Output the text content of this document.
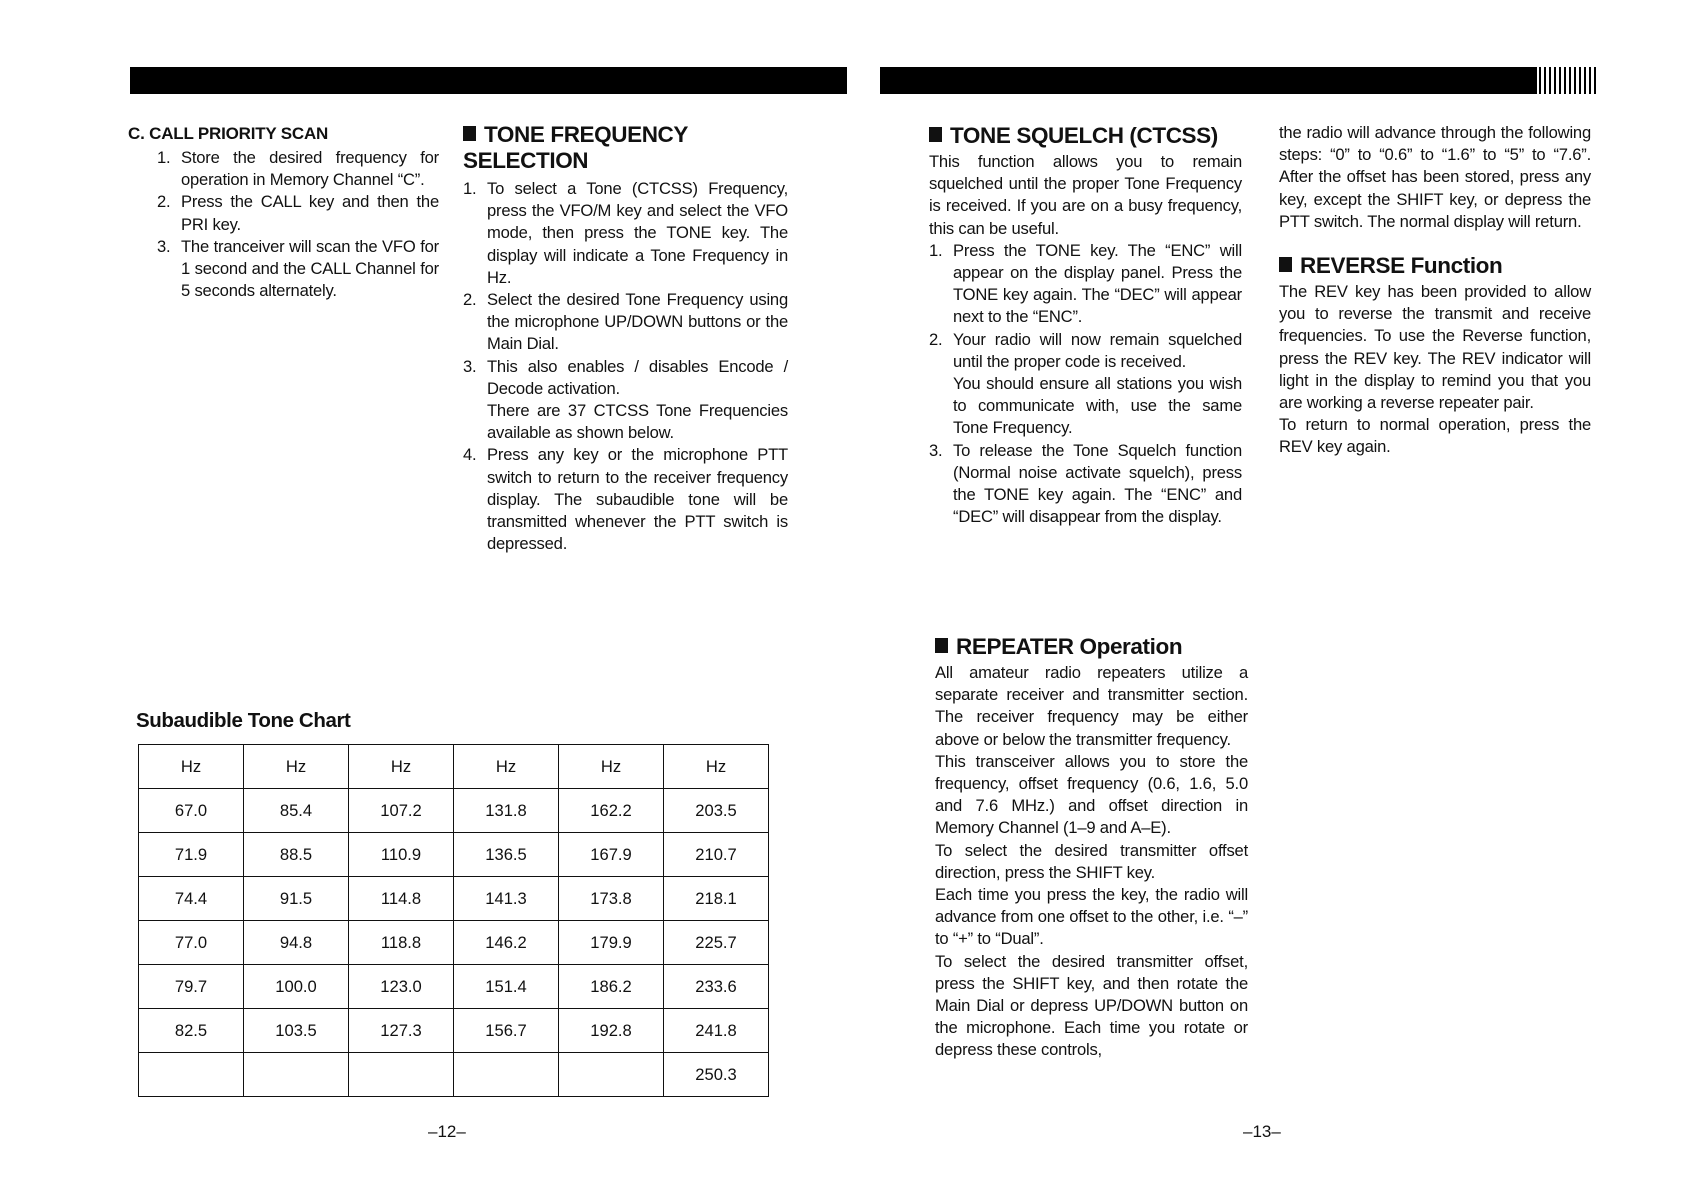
C. CALL PRIORITY SCAN
1. Store the desired frequency for operation in Memory Channel “C”.
2. Press the CALL key and then the PRI key.
3. The tranceiver will scan the VFO for 1 second and the CALL Channel for 5 seconds alternately.
TONE FREQUENCY SELECTION
1. To select a Tone (CTCSS) Frequency, press the VFO/M key and select the VFO mode, then press the TONE key. The display will indicate a Tone Frequency in Hz.
2. Select the desired Tone Frequency using the microphone UP/DOWN buttons or the Main Dial.
3. This also enables / disables Encode / Decode activation.

There are 37 CTCSS Tone Frequencies available as shown below.

4. Press any key or the microphone PTT switch to return to the receiver frequency display. The subaudible tone will be transmitted whenever the PTT switch is depressed.
Subaudible Tone Chart
Hz	Hz	Hz	Hz	Hz	Hz
67.0	85.4	107.2	131.8	162.2	203.5
71.9	88.5	110.9	136.5	167.9	210.7
74.4	91.5	114.8	141.3	173.8	218.1
77.0	94.8	118.8	146.2	179.9	225.7
79.7	100.0	123.0	151.4	186.2	233.6
82.5	103.5	127.3	156.7	192.8	241.8
					250.3
TONE SQUELCH (CTCSS)

This function allows you to remain squelched until the proper Tone Frequency is received. If you are on a busy frequency, this can be useful.

1. Press the TONE key. The “ENC” will appear on the display panel. Press the TONE key again. The “DEC” will appear next to the “ENC”.
2. Your radio will now remain squelched until the proper code is received.

You should ensure all stations you wish to communicate with, use the same Tone Frequency.

3. To release the Tone Squelch function (Normal noise activate squelch), press the TONE key again. The “ENC” and “DEC” will disappear from the display.
REPEATER Operation

All amateur radio repeaters utilize a separate receiver and transmitter section. The receiver frequency may be either above or below the transmitter frequency.

This transceiver allows you to store the frequency, offset frequency (0.6, 1.6, 5.0 and 7.6 MHz.) and offset direction in Memory Channel (1–9 and A–E).

To select the desired transmitter offset direction, press the SHIFT key.

Each time you press the key, the radio will advance from one offset to the other, i.e. “–” to “+” to “Dual”.

To select the desired transmitter offset, press the SHIFT key, and then rotate the Main Dial or depress UP/DOWN button on the microphone. Each time you rotate or depress these controls,

the radio will advance through the following steps: “0” to “0.6” to “1.6” to “5” to “7.6”. After the offset has been stored, press any key, except the SHIFT key, or depress the PTT switch. The normal display will return.

REVERSE Function

The REV key has been provided to allow you to reverse the transmit and receive frequencies. To use the Reverse function, press the REV key. The REV indicator will light in the display to remind you that you are working a reverse repeater pair.

To return to normal operation, press the REV key again.

–12–	–13–
